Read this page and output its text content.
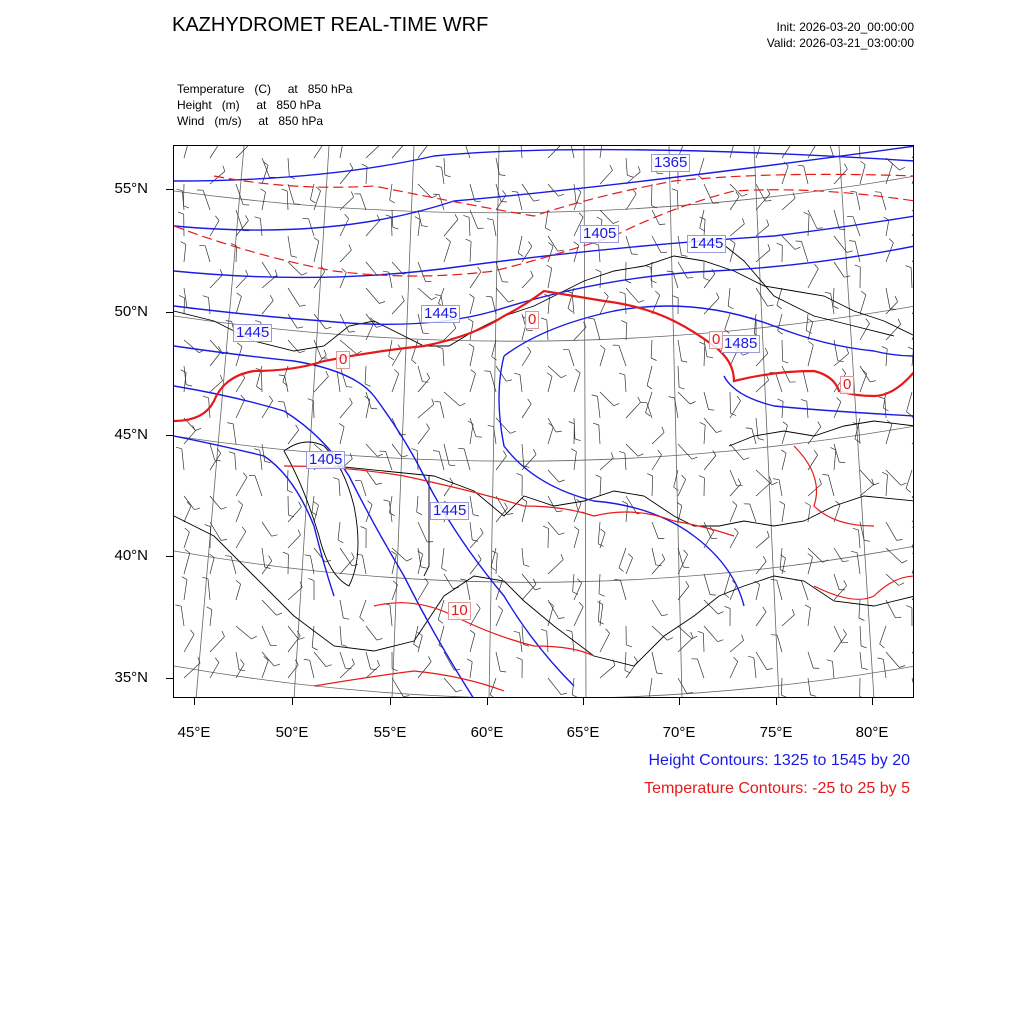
KAZHYDROMET REAL-TIME WRF	Init: 2026-03-20_00:00:00
Valid: 2026-03-21_03:00:00
Temperature   (C)     at   850 hPa
Height   (m)     at   850 hPa
Wind   (m/s)     at   850 hPa
1365
1405
1445
1445
1445
1485
1405
1445
0
0
0
0
10
55°N
50°N
45°N
40°N
35°N
45°E	50°E	55°E	60°E	65°E	70°E	75°E	80°E
Height Contours: 1325 to 1545 by 20
Temperature Contours: -25 to 25 by 5
